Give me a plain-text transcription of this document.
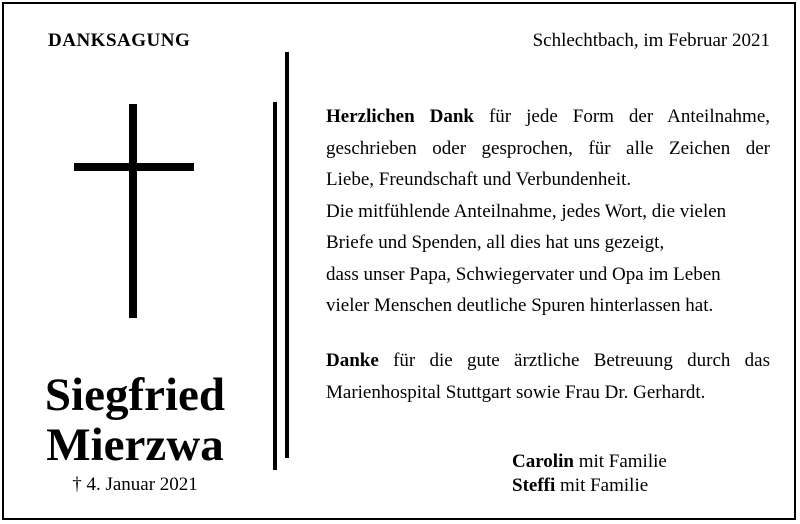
DANKSAGUNG
Siegfried
Mierzwa
† 4. Januar 2021
Schlechtbach, im Februar 2021
Herzlichen Dank für jede Form der Anteilnahme,
geschrieben oder gesprochen, für alle Zeichen der
Liebe, Freundschaft und Verbundenheit.
Die mitfühlende Anteilnahme, jedes Wort, die vielen
Briefe und Spenden, all dies hat uns gezeigt,
dass unser Papa, Schwiegervater und Opa im Leben
vieler Menschen deutliche Spuren hinterlassen hat.
Danke für die gute ärztliche Betreuung durch das
Marienhospital Stuttgart sowie Frau Dr. Gerhardt.
Carolin mit Familie
Steffi mit Familie
